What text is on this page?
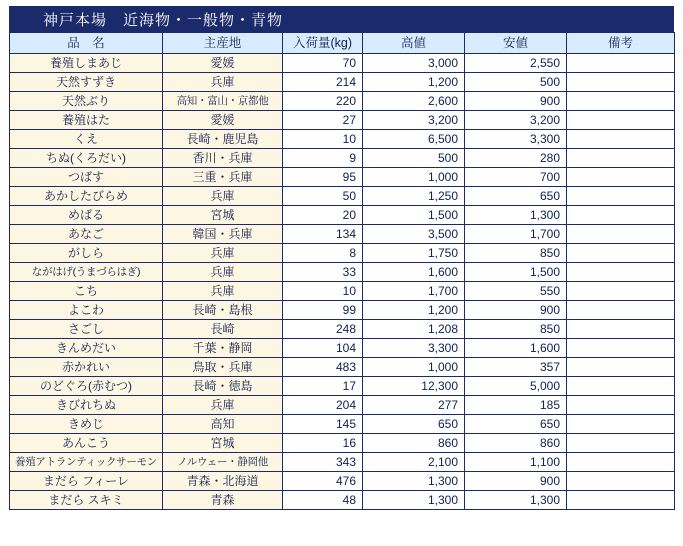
神戸本場　近海物・一般物・青物
品　名	主産地	入荷量(kg)	高値	安値	備考
養殖しまあじ	愛媛	70	3,000	2,550	
天然すずき	兵庫	214	1,200	500	
天然ぶり	高知・富山・京都他	220	2,600	900	
養殖はた	愛媛	27	3,200	3,200	
くえ	長崎・鹿児島	10	6,500	3,300	
ちぬ(くろだい)	香川・兵庫	9	500	280	
つばす	三重・兵庫	95	1,000	700	
あかしたびらめ	兵庫	50	1,250	650	
めばる	宮城	20	1,500	1,300	
あなご	韓国・兵庫	134	3,500	1,700	
がしら	兵庫	8	1,750	850	
ながはげ(うまづらはぎ)	兵庫	33	1,600	1,500	
こち	兵庫	10	1,700	550	
よこわ	長崎・島根	99	1,200	900	
さごし	長崎	248	1,208	850	
きんめだい	千葉・静岡	104	3,300	1,600	
赤かれい	鳥取・兵庫	483	1,000	357	
のどぐろ(赤むつ)	長崎・徳島	17	12,300	5,000	
きびれちぬ	兵庫	204	277	185	
きめじ	高知	145	650	650	
あんこう	宮城	16	860	860	
養殖アトランティックサーモン	ノルウェー・静岡他	343	2,100	1,100	
まだら フィーレ	青森・北海道	476	1,300	900	
まだら スキミ	青森	48	1,300	1,300	
